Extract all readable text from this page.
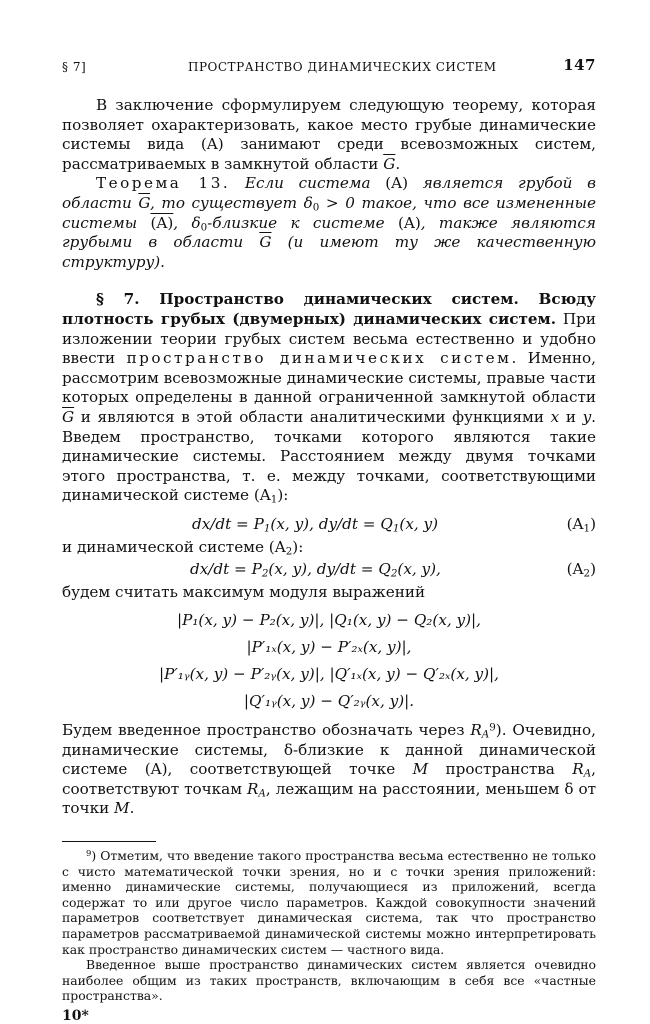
§ 7]	ПРОСТРАНСТВО ДИНАМИЧЕСКИХ СИСТЕМ	147

В заключение сформулируем следующую теорему, которая позволяет охарактеризовать, какое место грубые динамические системы вида (A) занимают среди всевозможных систем, рассматриваемых в замкнутой области $\overline{G}$.

Теорема 13. Если система (A) является грубой в области $\overline{G}$, то существует $\delta_0 > 0$ такое, что все измененные системы (A), $\delta_0$-близкие к системе (A), также являются грубыми в области $\overline{G}$ (и имеют ту же качественную структуру).

§ 7. Пространство динамических систем. Всюду плотность грубых (двумерных) динамических систем. При изложении теории грубых систем весьма естественно и удобно ввести пространство динамических систем. Именно, рассмотрим всевозможные динамические системы, правые части которых определены в данной ограниченной замкнутой области $\overline{G}$ и являются в этой области аналитическими функциями x и y. Введем пространство, точками которого являются такие динамические системы. Расстоянием между двумя точками этого пространства, т. е. между точками, соответствующими динамической системе $(A_1)$:

$dx/dt = P_1(x$, y), $dy/dt = Q_1(x$, y)	$(A_1)$

и динамической системе $(A_2)$:

$dx/dt = P_2(x$, y), $dy/dt = Q_2(x$, y),	$(A_2)$

будем считать максимум модуля выражений

|P₁(x, y) − P₂(x, y)|, |Q₁(x, y) − Q₂(x, y)|,
|P′₁ₓ(x, y) − P′₂ₓ(x, y)|,
|P′₁ᵧ(x, y) − P′₂ᵧ(x, y)|, |Q′₁ₓ(x, y) − Q′₂ₓ(x, y)|,
|Q′₁ᵧ(x, y) − Q′₂ᵧ(x, y)|.

Будем введенное пространство обозначать через $R_A^9$). Очевидно, динамические системы, δ-близкие к данной динамической системе (A), соответствующей точке M пространства $R_A$, соответствуют точкам $R_A$, лежащим на расстоянии, меньшем δ от точки M.

$^9$) Отметим, что введение такого пространства весьма естественно не только с чисто математической точки зрения, но и с точки зрения приложений: именно динамические системы, получающиеся из приложений, всегда содержат то или другое число параметров. Каждой совокупности значений параметров соответствует динамическая система, так что пространство параметров рассматриваемой динамической системы можно интерпретировать как пространство динамических систем — частного вида.

Введенное выше пространство динамических систем является очевидно наиболее общим из таких пространств, включающим в себя все «частные пространства».

10*
